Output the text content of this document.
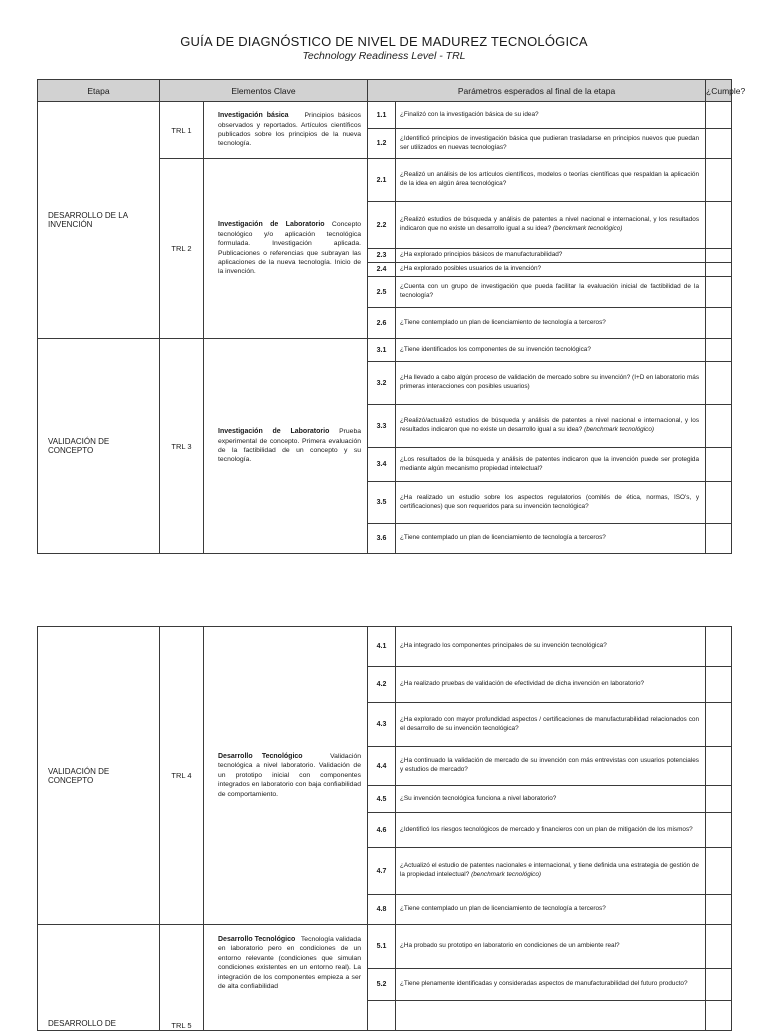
GUÍA DE DIAGNÓSTICO DE NIVEL DE MADUREZ TECNOLÓGICA
Technology Readiness Level - TRL
Etapa	Elementos Clave		Parámetros esperados al final de la etapa		¿Cumple?
DESARROLLO DE LA INVENCIÓN	TRL 1	Investigación básica Principios básicos observados y reportados. Artículos científicos publicados sobre los principios de la nueva tecnología.	1.1	¿Finalizó con la investigación básica de su idea?	
			1.2	¿Identificó principios de investigación básica que pudieran trasladarse en principios nuevos que puedan ser utilizados en nuevas tecnologías?	
	TRL 2	Investigación de Laboratorio Concepto tecnológico y/o aplicación tecnológica formulada. Investigación aplicada. Publicaciones o referencias que subrayan las aplicaciones de la nueva tecnología. Inicio de la invención.	2.1	¿Realizó un análisis de los artículos científicos, modelos o teorías científicas que respaldan la aplicación de la idea en algún área tecnológica?	
			2.2	¿Realizó estudios de búsqueda y análisis de patentes a nivel nacional e internacional, y los resultados indicaron que no existe un desarrollo igual a su idea? (benckmark tecnológico)	
			2.3	¿Ha explorado principios básicos de manufacturabilidad?	
			2.4	¿Ha explorado posibles usuarios de la invención?	
			2.5	¿Cuenta con un grupo de investigación que pueda facilitar la evaluación inicial de factibilidad de la tecnología?	
			2.6	¿Tiene contemplado un plan de licenciamiento de tecnología a terceros?	
VALIDACIÓN DE CONCEPTO	TRL 3	Investigación de Laboratorio Prueba experimental de concepto. Primera evaluación de la factibilidad de un concepto y su tecnología.	3.1	¿Tiene identificados los componentes de su invención tecnológica?	
			3.2	¿Ha llevado a cabo algún proceso de validación de mercado sobre su invención? (I+D en laboratorio más primeras interacciones con posibles usuarios)	
			3.3	¿Realizó/actualizó estudios de búsqueda y análisis de patentes a nivel nacional e internacional, y los resultados indicaron que no existe un desarrollo igual a su idea? (benchmark tecnológico)	
			3.4	¿Los resultados de la búsqueda y análisis de patentes indicaron que la invención puede ser protegida mediante algún mecanismo propiedad intelectual?	
			3.5	¿Ha realizado un estudio sobre los aspectos regulatorios (comités de ética, normas, ISO's, y certificaciones) que son requeridos para su invención tecnológica?	
			3.6	¿Tiene contemplado un plan de licenciamiento de tecnología a terceros?	
VALIDACIÓN DE CONCEPTO	TRL 4	Desarrollo Tecnológico Validación tecnológica a nivel laboratorio. Validación de un prototipo inicial con componentes integrados en laboratorio con baja confiabilidad de comportamiento.	4.1	¿Ha integrado los componentes principales de su invención tecnológica?	
			4.2	¿Ha realizado pruebas de validación de efectividad de dicha invención en laboratorio?	
			4.3	¿Ha explorado con mayor profundidad aspectos / certificaciones de manufacturabilidad relacionados con el desarrollo de su invención tecnológica?	
			4.4	¿Ha continuado la validación de mercado de su invención con más entrevistas con usuarios potenciales y estudios de mercado?	
			4.5	¿Su invención tecnológica funciona a nivel laboratorio?	
			4.6	¿Identificó los riesgos tecnológicos de mercado y financieros con un plan de mitigación de los mismos?	
			4.7	¿Actualizó el estudio de patentes nacionales e internacional, y tiene definida una estrategia de gestión de la propiedad intelectual? (benchmark tecnológico)	
			4.8	¿Tiene contemplado un plan de licenciamiento de tecnología a terceros?	
DESARROLLO DE	TRL 5	Desarrollo Tecnológico Tecnología validada en laboratorio pero en condiciones de un entorno relevante (condiciones que simulan condiciones existentes en un entorno real). La integración de los componentes empieza a ser de alta confiabilidad	5.1	¿Ha probado su prototipo en laboratorio en condiciones de un ambiente real?	
			5.2	¿Tiene plenamente identificadas y consideradas aspectos de manufacturabilidad del futuro producto?	
